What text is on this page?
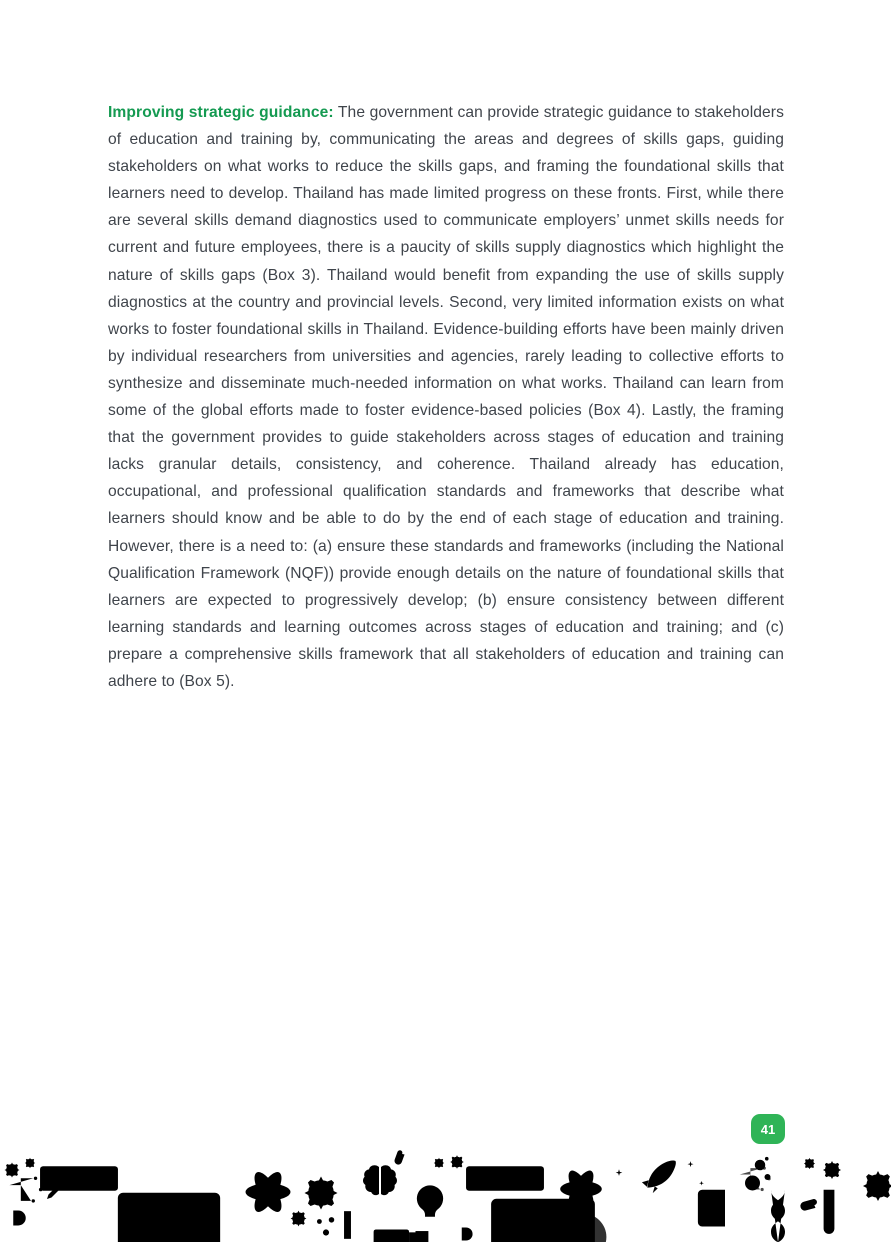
Improving strategic guidance: The government can provide strategic guidance to stakeholders of education and training by, communicating the areas and degrees of skills gaps, guiding stakeholders on what works to reduce the skills gaps, and framing the foundational skills that learners need to develop. Thailand has made limited progress on these fronts. First, while there are several skills demand diagnostics used to communicate employers’ unmet skills needs for current and future employees, there is a paucity of skills supply diagnostics which highlight the nature of skills gaps (Box 3). Thailand would benefit from expanding the use of skills supply diagnostics at the country and provincial levels. Second, very limited information exists on what works to foster foundational skills in Thailand. Evidence-building efforts have been mainly driven by individual researchers from universities and agencies, rarely leading to collective efforts to synthesize and disseminate much-needed information on what works. Thailand can learn from some of the global efforts made to foster evidence-based policies (Box 4). Lastly, the framing that the government provides to guide stakeholders across stages of education and training lacks granular details, consistency, and coherence. Thailand already has education, occupational, and professional qualification standards and frameworks that describe what learners should know and be able to do by the end of each stage of education and training. However, there is a need to: (a) ensure these standards and frameworks (including the National Qualification Framework (NQF)) provide enough details on the nature of foundational skills that learners are expected to progressively develop; (b) ensure consistency between different learning standards and learning outcomes across stages of education and training; and (c) prepare a comprehensive skills framework that all stakeholders of education and training can adhere to (Box 5).

41
